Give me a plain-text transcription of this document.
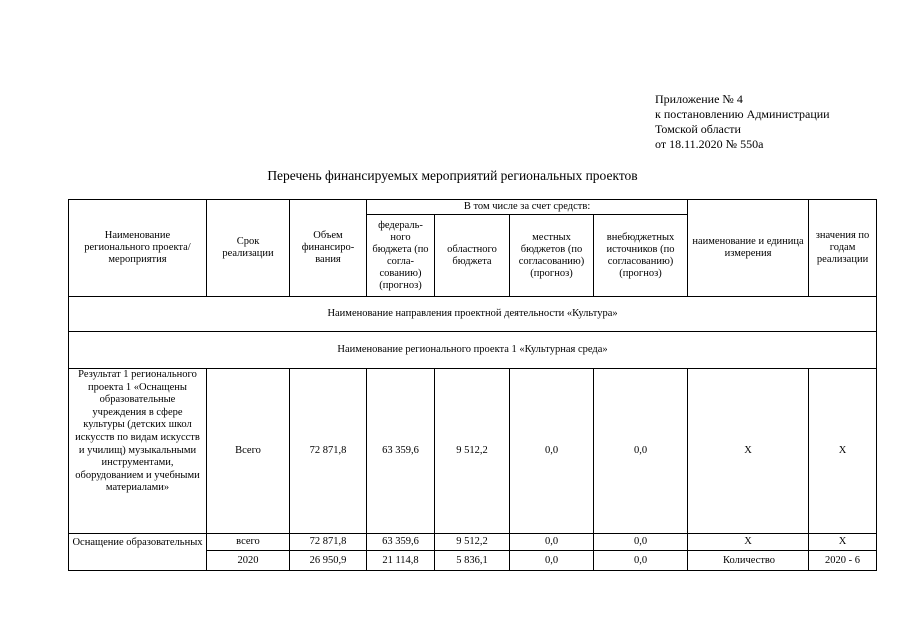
Приложение № 4
к постановлению Администрации
Томской области
от 18.11.2020 № 550а
Перечень финансируемых мероприятий региональных проектов
Наименование регионального проекта/ мероприятия	Срок реализации	Объем финансиро-вания	В том числе за счет средств:				наименование и единица измерения	значения по годам реализации
			федераль-ного бюджета (по согла-сованию) (прогноз)	областного бюджета	местных бюджетов (по согласованию) (прогноз)	внебюджетных источников (по согласованию) (прогноз)		
Наименование направления проектной деятельности «Культура»								
Наименование регионального проекта 1 «Культурная среда»								
Результат 1 регионального проекта 1 «Оснащены образовательные учреждения в сфере культуры (детских школ искусств по видам искусств и училищ) музыкальными инструментами, оборудованием и учебными материалами»	Всего	72 871,8	63 359,6	9 512,2	0,0	0,0	Х	Х
Оснащение образовательных	всего	72 871,8	63 359,6	9 512,2	0,0	0,0	Х	Х
	2020	26 950,9	21 114,8	5 836,1	0,0	0,0	Количество	2020 - 6
